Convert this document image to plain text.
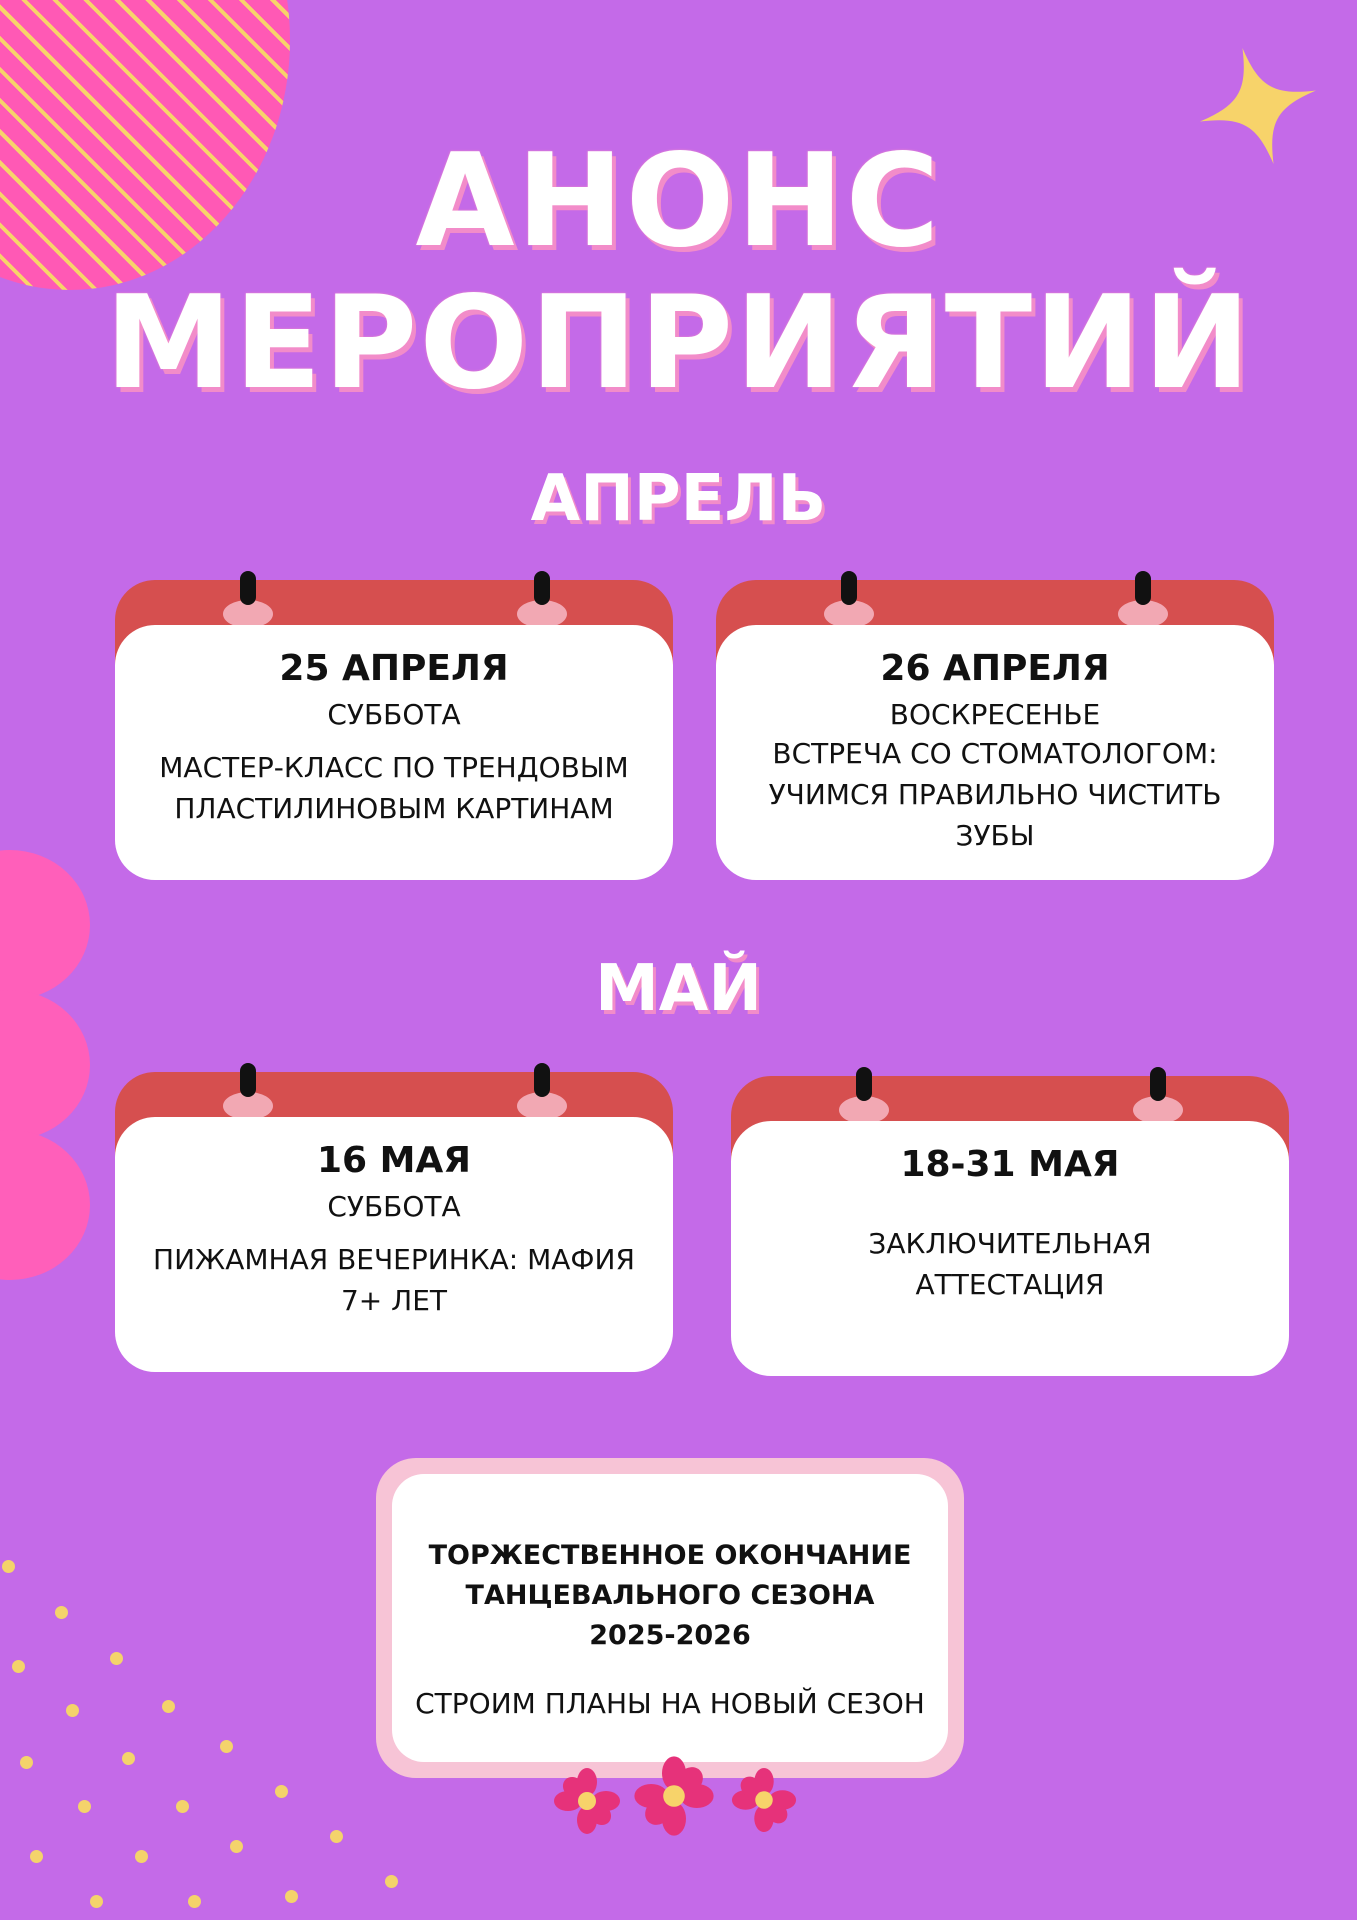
АНОНС
МЕРОПРИЯТИЙ
АПРЕЛЬ
25 АПРЕЛЯ
СУББОТА
МАСТЕР-КЛАСС ПО ТРЕНДОВЫМ
ПЛАСТИЛИНОВЫМ КАРТИНАМ
26 АПРЕЛЯ
ВОСКРЕСЕНЬЕ
ВСТРЕЧА СО СТОМАТОЛОГОМ:
УЧИМСЯ ПРАВИЛЬНО ЧИСТИТЬ
ЗУБЫ
МАЙ
16 МАЯ
СУББОТА
ПИЖАМНАЯ ВЕЧЕРИНКА: МАФИЯ
7+ ЛЕТ
18-31 МАЯ
ЗАКЛЮЧИТЕЛЬНАЯ
АТТЕСТАЦИЯ
ТОРЖЕСТВЕННОЕ ОКОНЧАНИЕ
ТАНЦЕВАЛЬНОГО СЕЗОНА
2025-2026
СТРОИМ ПЛАНЫ НА НОВЫЙ СЕЗОН
